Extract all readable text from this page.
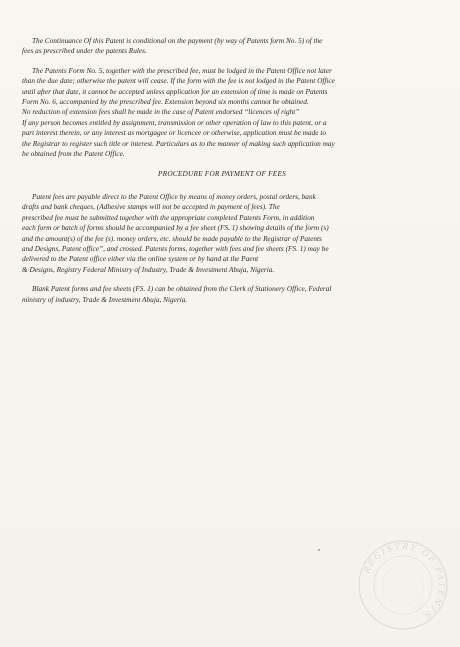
The Continuance Of this Patent is conditional on the payment (by way of Patents form No. 5) of the
fees as prescribed under the patents Rules.
The Patents Form No. 5, together with the prescribed fee, must be lodged in the Patent Office not later
than the due date; otherwise the patent will cease. If the form with the fee is not lodged in the Patent Office
until after that date, it cannot be accepted unless application for an extension of time is made on Patents
Form No. 6, accompanied by the prescribed fee. Extension beyond six months cannot be obtained.
No reduction of extension fees shall be made in the case of Patent endorsed “licences of right”
If any person becomes entitled by assignment, transmission or other operation of law to this patent, or a
part interest therein, or any interest as mortgagee or licencee or otherwise, application must be made to
the Registrar to register such title or interest. Particulars as to the manner of making such application may
be obtained from the Patent Office.
PROCEDURE FOR PAYMENT OF FEES
Patent fees are payable direct to the Patent Office by means of money orders, postal orders, bank
drafts and bank cheques, (Adhesive stamps will not be accepted in payment of fees). The
prescribed fee must be submitted together with the appropriate completed Patents Form, in addition
each form or batch of forms should be accompanied by a fee sheet (FS. 1) showing details of the form (s)
and the amount(s) of the fee (s). money orders, etc. should be made payable to the Registrar of Patents
and Designs, Patent office”, and crossed. Patents forms, together with fees and fee sheets (FS. 1) may be
delivered to the Patent office either via the online system or by hand at the Paent
& Designs, Registry Federal Ministry of Industry, Trade & Investment Abuja, Nigeria.
Blank Patent forms and fee sheets (FS. 1) can be obtained from the Clerk of Stationery Office, Federal
ministry of industry, Trade & Investment Abuja, Nigeria.
REGISTRY OF PATENTS
